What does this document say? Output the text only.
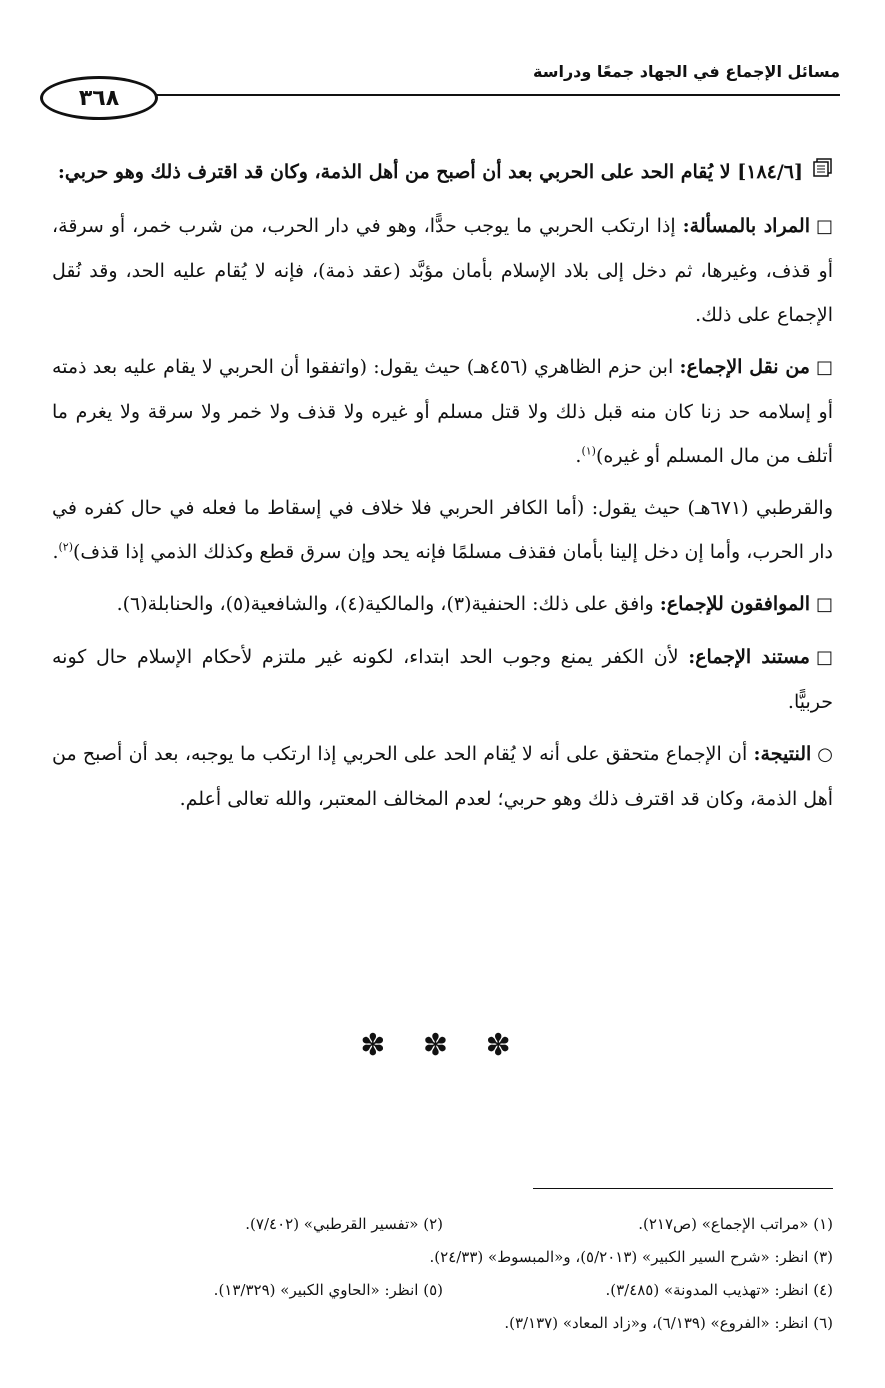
مسائل الإجماع في الجهاد جمعًا ودراسة
٣٦٨
[١٨٤/٦] لا يُقام الحد على الحربي بعد أن أصبح من أهل الذمة، وكان قد اقترف ذلك وهو حربي:

□المراد بالمسألة: إذا ارتكب الحربي ما يوجب حدًّا، وهو في دار الحرب، من شرب خمر، أو سرقة، أو قذف، وغيرها، ثم دخل إلى بلاد الإسلام بأمان مؤبَّد (عقد ذمة)، فإنه لا يُقام عليه الحد، وقد نُقل الإجماع على ذلك.

□من نقل الإجماع: ابن حزم الظاهري (٤٥٦هـ) حيث يقول: (واتفقوا أن الحربي لا يقام عليه بعد ذمته أو إسلامه حد زنا كان منه قبل ذلك ولا قتل مسلم أو غيره ولا قذف ولا خمر ولا سرقة ولا يغرم ما أتلف من مال المسلم أو غيره)$^{(١)}$.

والقرطبي (٦٧١هـ) حيث يقول: (أما الكافر الحربي فلا خلاف في إسقاط ما فعله في حال كفره في دار الحرب، وأما إن دخل إلينا بأمان فقذف مسلمًا فإنه يحد وإن سرق قطع وكذلك الذمي إذا قذف)$^{(٢)}$.

□الموافقون للإجماع: وافق على ذلك: الحنفية(٣)، والمالكية(٤)، والشافعية(٥)، والحنابلة(٦).

□مستند الإجماع: لأن الكفر يمنع وجوب الحد ابتداء، لكونه غير ملتزم لأحكام الإسلام حال كونه حربيًّا.

○النتيجة: أن الإجماع متحقق على أنه لا يُقام الحد على الحربي إذا ارتكب ما يوجبه، بعد أن أصبح من أهل الذمة، وكان قد اقترف ذلك وهو حربي؛ لعدم المخالف المعتبر، والله تعالى أعلم.

✽ ✽ ✽
(١) «مراتب الإجماع» (ص٢١٧).
(٢) «تفسير القرطبي» (٧/٤٠٢).
(٣) انظر: «شرح السير الكبير» (٥/٢٠١٣)، و«المبسوط» (٢٤/٣٣).
(٤) انظر: «تهذيب المدونة» (٣/٤٨٥).
(٥) انظر: «الحاوي الكبير» (١٣/٣٢٩).
(٦) انظر: «الفروع» (٦/١٣٩)، و«زاد المعاد» (٣/١٣٧).
